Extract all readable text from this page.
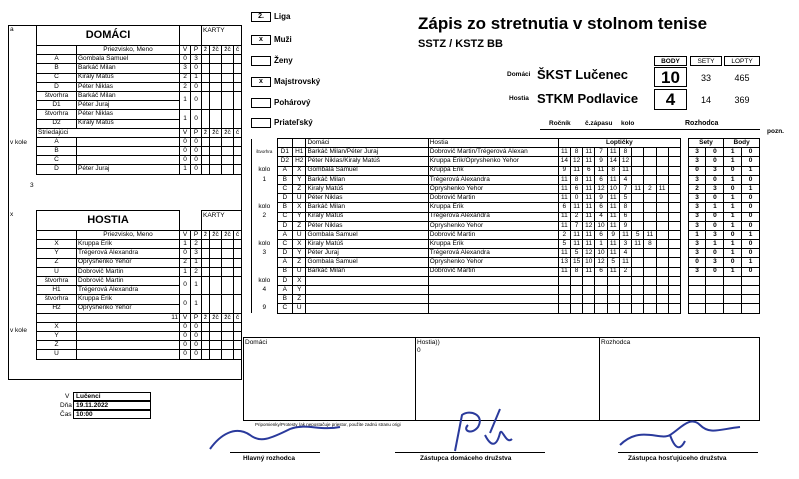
2.	Liga	Zápis zo stretnutia v stolnom tenise
SSTZ / KSTZ BB
x	Muži
Ženy
x	Majstrovský
Pohárový
Priateľský
BODY	SETY	LOPTY
Domáci ŠKST Lučenec	10	33	465
Hostia STKM Podlavice	4	14	369
a
x
DOMÁCI				KARTY			

	Priezvisko, Meno	V	P	ž	žč	žč	č
A	Gombala Samuel	0	3				
B	Barkáč Milan	3	0				
C	Kiraly Matúš	2	1				
D	Péter Niklas	2	0				
štvorhra	Barkáč Milan	1	0				
D1	Péter Juraj						
štvorhra	Péter Niklas	1	0				
D2	Kiraly Matúš						
Striedajúci		V	P	ž	žč	žč	č
A		0	0				
B		0	0				
C		0	0				
D	Péter Juraj	1	0				
HOSTIA				KARTY			

	Priezvisko, Meno	V	P	ž	žč	žč	č
X	Kruppa Erik	1	2				
Y	Trégerová Alexandra	0	3				
Z	Opryshenko Yehor	2	1				
U	Dobrovič Martin	1	2				
štvorhra	Dobrovič Martin	0	1				
H1	Trégerová Alexandra						
štvorhra	Kruppa Erik	0	1				
H2	Opryshenko Yehor						
	11	V	P	ž	žč	žč	č
X		0	0				
Y		0	0				
Z		0	0				
U		0	0				
V	Lučenci
Dňa 19.11.2022
Čas 10:00
Ročník č.zápasu kolo	Rozhodca
pozn.
			Domáci	Hostia	Loptičky											Sety		Body	
štvorhra	D1	H1	Barkáč Milan/Péter Juraj	Dobrovič Martin/Trégerová Alexan	11	8	11	7	11	8						3	0	1	0
	D2	H2	Péter Niklas/Kiraly Matúš	Kruppa Erik/Opryshenko Yehor	14	12	11	9	14	12						3	0	1	0
kolo	A	X	Gombala Samuel	Kruppa Erik	9	11	6	11	8	11						0	3	0	1
1	B	Y	Barkáč Milan	Trégerová Alexandra	11	8	11	6	11	4						3	0	1	0
	C	Z	Kiraly Matúš	Opryshenko Yehor	11	6	11	12	10	7	11	2	11			2	3	0	1
	D	U	Péter Niklas	Dobrovič Martin	11	0	11	9	11	5						3	0	1	0
kolo	B	X	Barkáč Milan	Kruppa Erik	6	11	11	6	11	8						3	1	1	0
2	C	Y	Kiraly Matúš	Trégerová Alexandra	11	2	11	4	11	6						3	0	1	0
	D	Z	Péter Niklas	Opryshenko Yehor	11	7	12	10	11	9						3	0	1	0
	A	U	Gombala Samuel	Dobrovič Martin	2	11	11	6	9	11	5	11				1	3	0	1
kolo	C	X	Kiraly Matúš	Kruppa Erik	5	11	11	1	11	3	11	8				3	1	1	0
3	D	Y	Péter Juraj	Trégerová Alexandra	11	5	12	10	11	4						3	0	1	0
	A	Z	Gombala Samuel	Opryshenko Yehor	13	15	10	12	5	11						0	3	0	1
	B	U	Barkáč Milan	Dobrovič Martin	11	8	11	6	11	2						3	0	1	0
kolo	D	X																	
4	A	Y																	
	B	Z																	
9	C	U																	
Domáci	Hostia))
0
Rozhodca
Pripomienky/Protesty (ak nepostačuje priestor, použite zadnú stranu origi
Hlavný rozhodca	Zástupca domáceho družstva	Zástupca hosťujúceho družstva
v kole
3
v kole
